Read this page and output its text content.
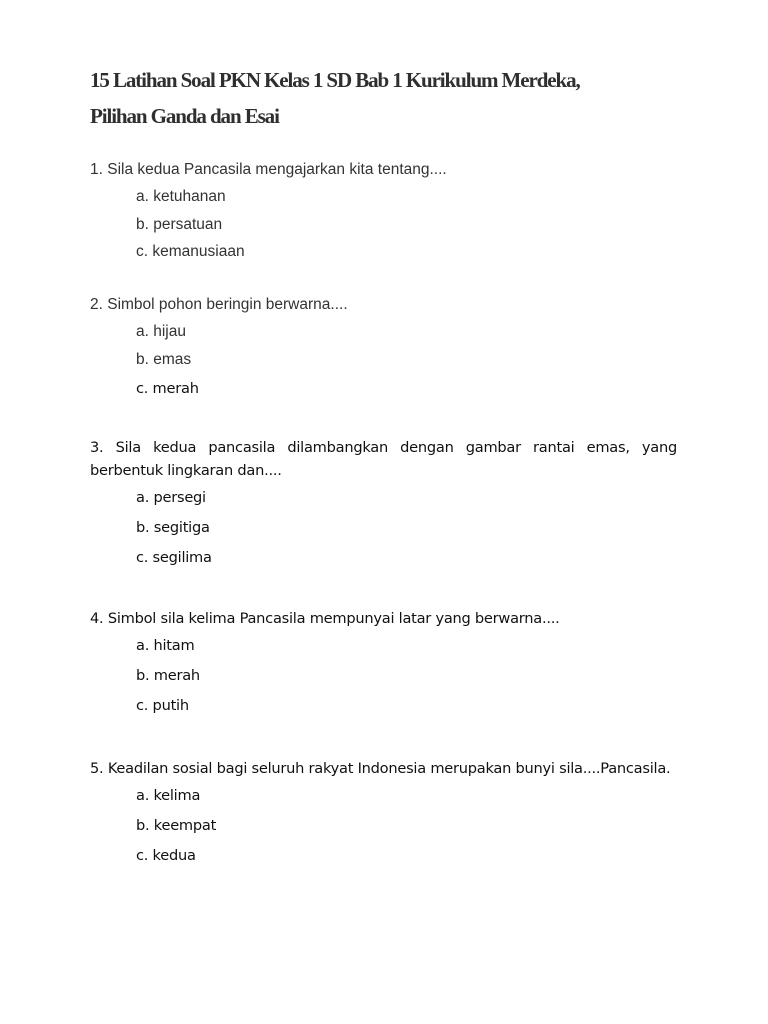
15 Latihan Soal PKN Kelas 1 SD Bab 1 Kurikulum Merdeka,
Pilihan Ganda dan Esai

1. Sila kedua Pancasila mengajarkan kita tentang....

a. ketuhanan
b. persatuan
c. kemanusiaan

2. Simbol pohon beringin berwarna....

a. hijau
b. emas
c. merah

3. Sila kedua pancasila dilambangkan dengan gambar rantai emas, yang berbentuk lingkaran dan....

a. persegi
b. segitiga
c. segilima

4. Simbol sila kelima Pancasila mempunyai latar yang berwarna....

a. hitam
b. merah
c. putih

5. Keadilan sosial bagi seluruh rakyat Indonesia merupakan bunyi sila....Pancasila.

a. kelima
b. keempat
c. kedua
